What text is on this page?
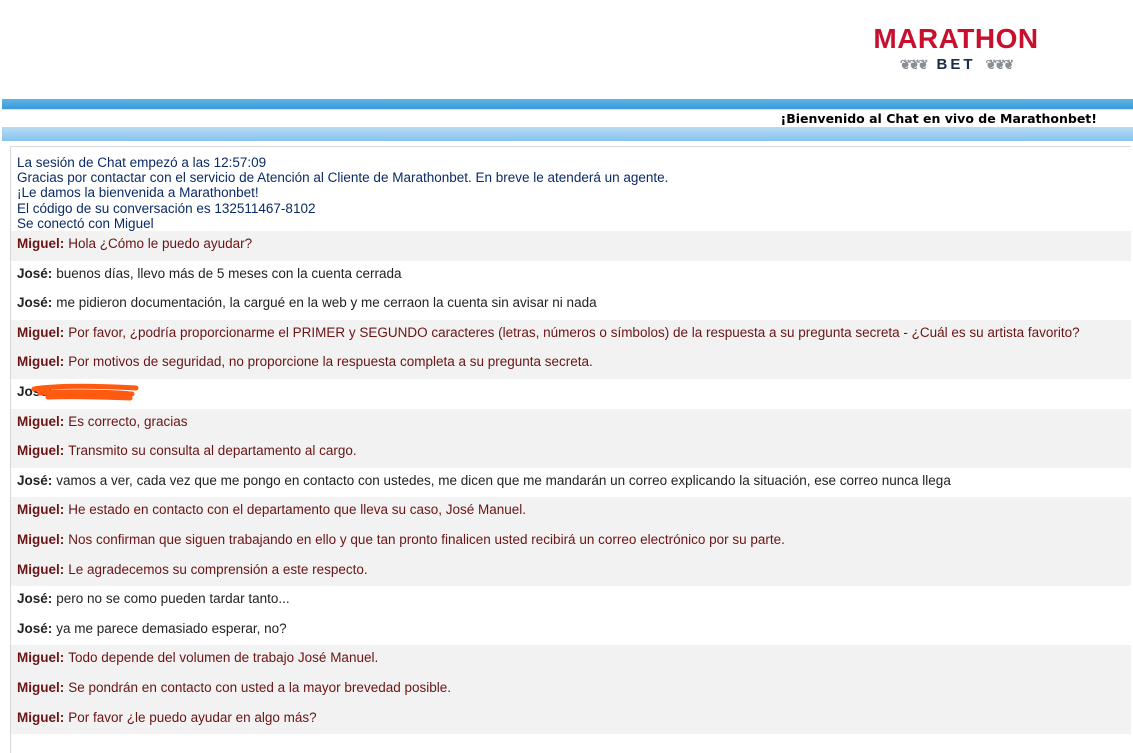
MARATHON
❦❦❦ BET ❦❦❦
¡Bienvenido al Chat en vivo de Marathonbet!
La sesión de Chat empezó a las 12:57:09
Gracias por contactar con el servicio de Atención al Cliente de Marathonbet. En breve le atenderá un agente.
¡Le damos la bienvenida a Marathonbet!
El código de su conversación es 132511467-8102
Se conectó con Miguel
Miguel: Hola ¿Cómo le puedo ayudar?
José: buenos días, llevo más de 5 meses con la cuenta cerrada
José: me pidieron documentación, la cargué en la web y me cerraon la cuenta sin avisar ni nada
Miguel: Por favor, ¿podría proporcionarme el PRIMER y SEGUNDO caracteres (letras, números o símbolos) de la respuesta a su pregunta secreta - ¿Cuál es su artista favorito?
Miguel: Por motivos de seguridad, no proporcione la respuesta completa a su pregunta secreta.
José:
Miguel: Es correcto, gracias
Miguel: Transmito su consulta al departamento al cargo.
José: vamos a ver, cada vez que me pongo en contacto con ustedes, me dicen que me mandarán un correo explicando la situación, ese correo nunca llega
Miguel: He estado en contacto con el departamento que lleva su caso, José Manuel.
Miguel: Nos confirman que siguen trabajando en ello y que tan pronto finalicen usted recibirá un correo electrónico por su parte.
Miguel: Le agradecemos su comprensión a este respecto.
José: pero no se como pueden tardar tanto...
José: ya me parece demasiado esperar, no?
Miguel: Todo depende del volumen de trabajo José Manuel.
Miguel: Se pondrán en contacto con usted a la mayor brevedad posible.
Miguel: Por favor ¿le puedo ayudar en algo más?
